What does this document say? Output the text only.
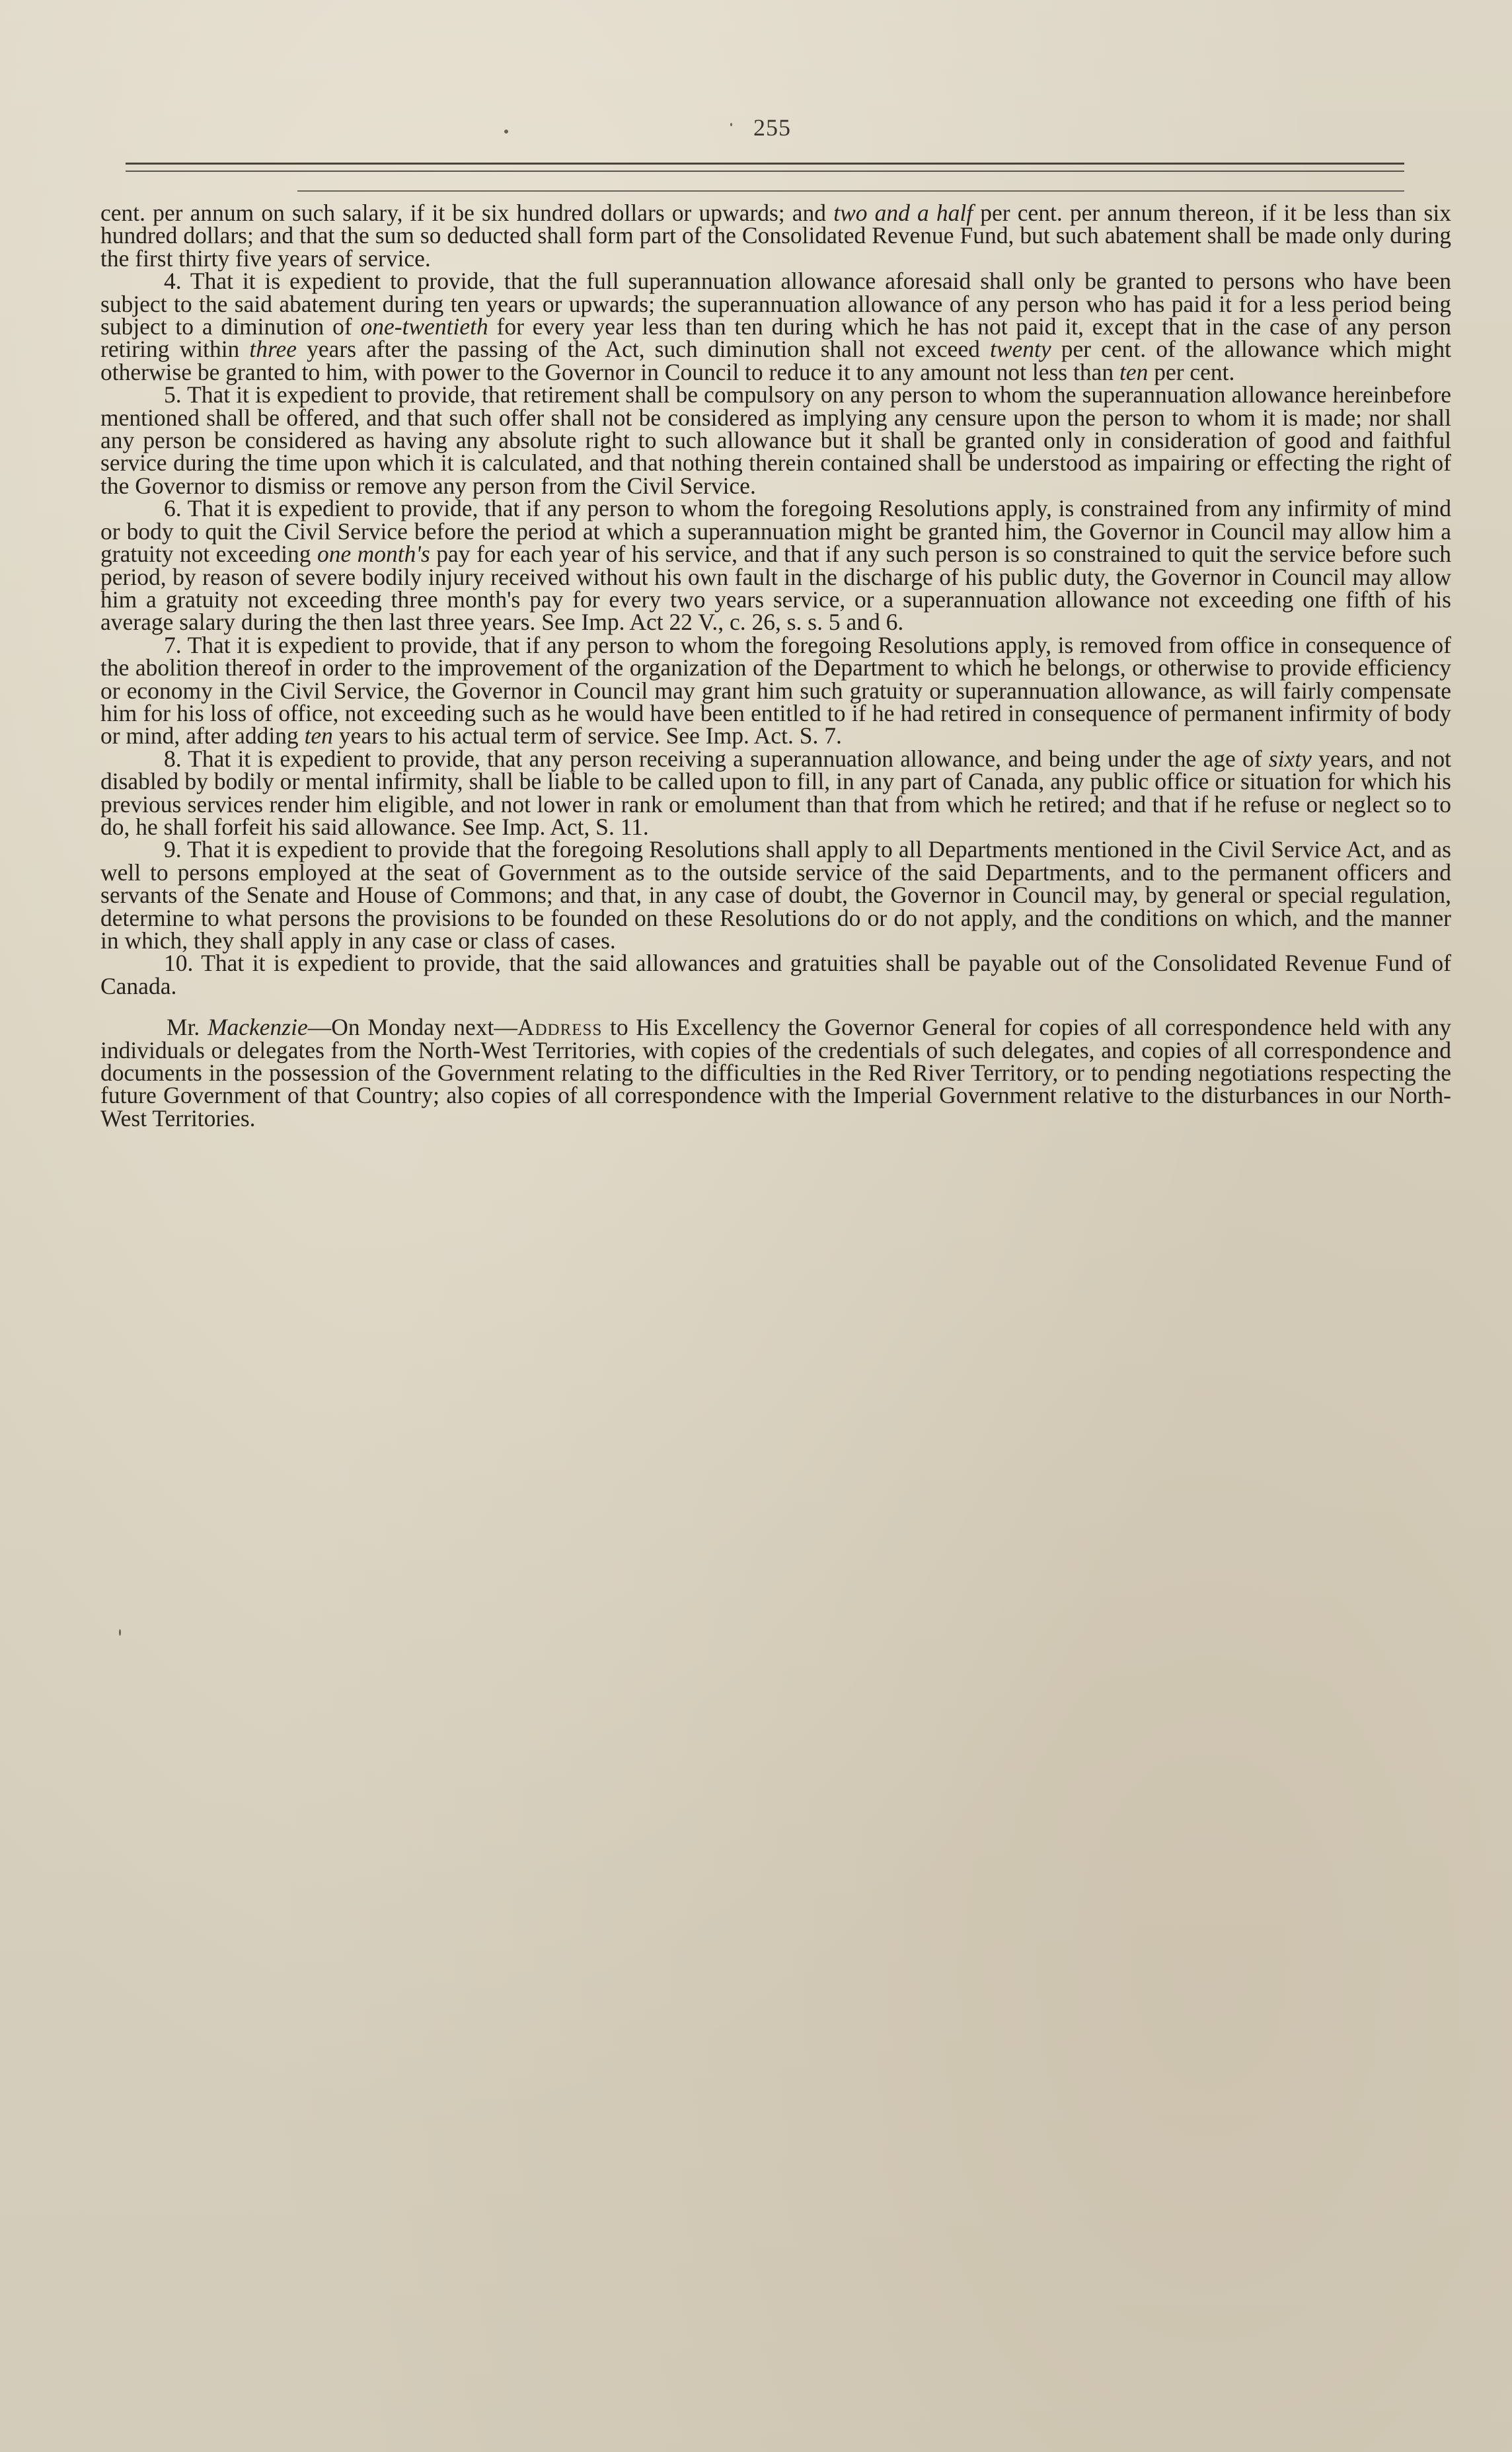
255

cent. per annum on such salary, if it be six hundred dollars or upwards; and two and a half per cent. per annum thereon, if it be less than six hundred dollars; and that the sum so deducted shall form part of the Consolidated Revenue Fund, but such abatement shall be made only during the first thirty five years of service.

4. That it is expedient to provide, that the full superannuation allowance aforesaid shall only be granted to persons who have been subject to the said abatement during ten years or upwards; the superannuation allowance of any person who has paid it for a less period being subject to a diminution of one-twentieth for every year less than ten during which he has not paid it, except that in the case of any person retiring within three years after the passing of the Act, such diminution shall not exceed twenty per cent. of the allowance which might otherwise be granted to him, with power to the Governor in Council to reduce it to any amount not less than ten per cent.

5. That it is expedient to provide, that retirement shall be compulsory on any person to whom the superannuation allowance hereinbefore mentioned shall be offered, and that such offer shall not be considered as implying any censure upon the person to whom it is made; nor shall any person be considered as having any absolute right to such allowance but it shall be granted only in consideration of good and faithful service during the time upon which it is calculated, and that nothing therein contained shall be understood as impairing or effecting the right of the Governor to dismiss or remove any person from the Civil Service.

6. That it is expedient to provide, that if any person to whom the foregoing Resolutions apply, is constrained from any infirmity of mind or body to quit the Civil Service before the period at which a superannuation might be granted him, the Governor in Council may allow him a gratuity not exceeding one month's pay for each year of his service, and that if any such person is so constrained to quit the service before such period, by reason of severe bodily injury received without his own fault in the discharge of his public duty, the Governor in Council may allow him a gratuity not exceeding three month's pay for every two years service, or a superannuation allowance not exceeding one fifth of his average salary during the then last three years. See Imp. Act 22 V., c. 26, s. s. 5 and 6.

7. That it is expedient to provide, that if any person to whom the foregoing Resolutions apply, is removed from office in consequence of the abolition thereof in order to the improvement of the organization of the Department to which he belongs, or otherwise to provide efficiency or economy in the Civil Service, the Governor in Council may grant him such gratuity or superannuation allowance, as will fairly compensate him for his loss of office, not exceeding such as he would have been entitled to if he had retired in consequence of permanent infirmity of body or mind, after adding ten years to his actual term of service. See Imp. Act. S. 7.

8. That it is expedient to provide, that any person receiving a superannuation allowance, and being under the age of sixty years, and not disabled by bodily or mental infirmity, shall be liable to be called upon to fill, in any part of Canada, any public office or situation for which his previous services render him eligible, and not lower in rank or emolument than that from which he retired; and that if he refuse or neglect so to do, he shall forfeit his said allowance. See Imp. Act, S. 11.

9. That it is expedient to provide that the foregoing Resolutions shall apply to all Departments mentioned in the Civil Service Act, and as well to persons employed at the seat of Government as to the outside service of the said Departments, and to the permanent officers and servants of the Senate and House of Commons; and that, in any case of doubt, the Governor in Council may, by general or special regulation, determine to what persons the provisions to be founded on these Resolutions do or do not apply, and the conditions on which, and the manner in which, they shall apply in any case or class of cases.

10. That it is expedient to provide, that the said allowances and gratuities shall be payable out of the Consolidated Revenue Fund of Canada.

Mr. Mackenzie—On Monday next—Address to His Excellency the Governor General for copies of all correspondence held with any individuals or delegates from the North-West Territories, with copies of the credentials of such delegates, and copies of all correspondence and documents in the possession of the Government relating to the difficulties in the Red River Territory, or to pending negotiations respecting the future Government of that Country; also copies of all correspondence with the Imperial Government relative to the disturbances in our North-West Territories.
